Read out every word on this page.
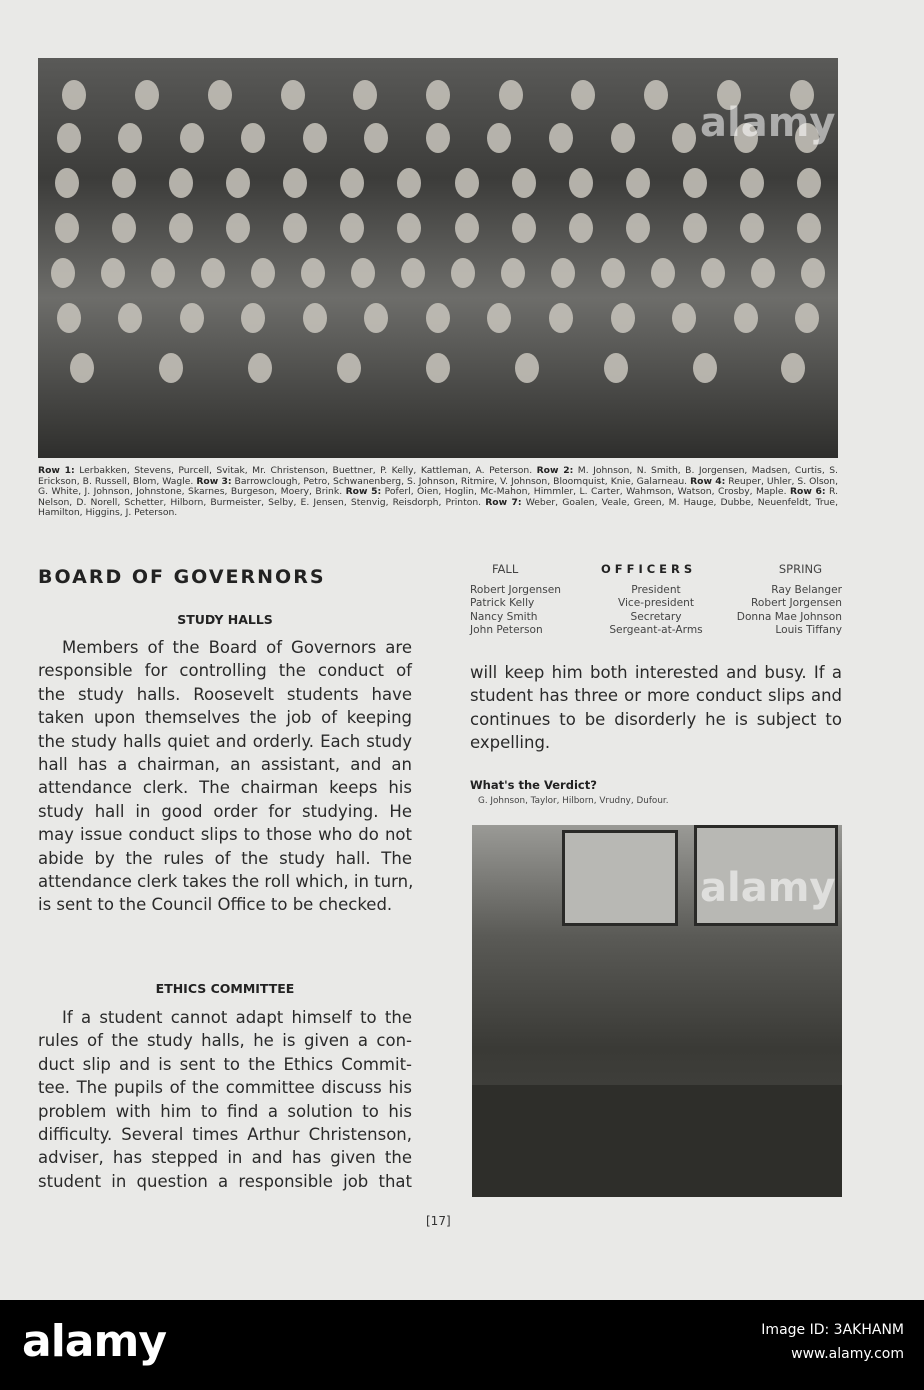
Row 1: Lerbakken, Stevens, Purcell, Svitak, Mr. Christenson, Buettner, P. Kelly, Kattleman, A. Peterson. Row 2: M. Johnson, N. Smith, B. Jorgensen, Madsen, Curtis, S. Erickson, B. Russell, Blom, Wagle. Row 3: Barrowclough, Petro, Schwanenberg, S. Johnson, Ritmire, V. Johnson, Bloomquist, Knie, Galarneau. Row 4: Reuper, Uhler, S. Olson, G. White, J. Johnson, Johnstone, Skarnes, Burgeson, Moery, Brink. Row 5: Poferl, Oien, Hoglin, Mc-Mahon, Himmler, L. Carter, Wahmson, Watson, Crosby, Maple. Row 6: R. Nelson, D. Norell, Schetter, Hilborn, Burmeister, Selby, E. Jensen, Stenvig, Reisdorph, Printon. Row 7: Weber, Goalen, Veale, Green, M. Hauge, Dubbe, Neuenfeldt, True, Hamilton, Higgins, J. Peterson.
BOARD OF GOVERNORS
STUDY HALLS
Members of the Board of Governors are
responsible for controlling the conduct of
the study halls. Roosevelt students have
taken upon themselves the job of keeping
the study halls quiet and orderly. Each study
hall has a chairman, an assistant, and an
attendance clerk. The chairman keeps his
study hall in good order for studying. He
may issue conduct slips to those who do not
abide by the rules of the study hall. The
attendance clerk takes the roll which, in turn,
is sent to the Council Office to be checked.
ETHICS COMMITTEE
If a student cannot adapt himself to the
rules of the study halls, he is given a con-
duct slip and is sent to the Ethics Commit-
tee. The pupils of the committee discuss his
problem with him to find a solution to his
difficulty. Several times Arthur Christenson,
adviser, has stepped in and has given the
student in question a responsible job that
FALL	OFFICERS	SPRING
Robert Jorgensen	President	Ray Belanger
Patrick Kelly	Vice-president	Robert Jorgensen
Nancy Smith	Secretary	Donna Mae Johnson
John Peterson	Sergeant-at-Arms	Louis Tiffany
will keep him both interested and busy. If a
student has three or more conduct slips and
continues to be disorderly he is subject to
expelling.
What's the Verdict?
G. Johnson, Taylor, Hilborn, Vrudny, Dufour.
[17]
alamy
alamy
alamy	Image ID: 3AKHANM
www.alamy.com
